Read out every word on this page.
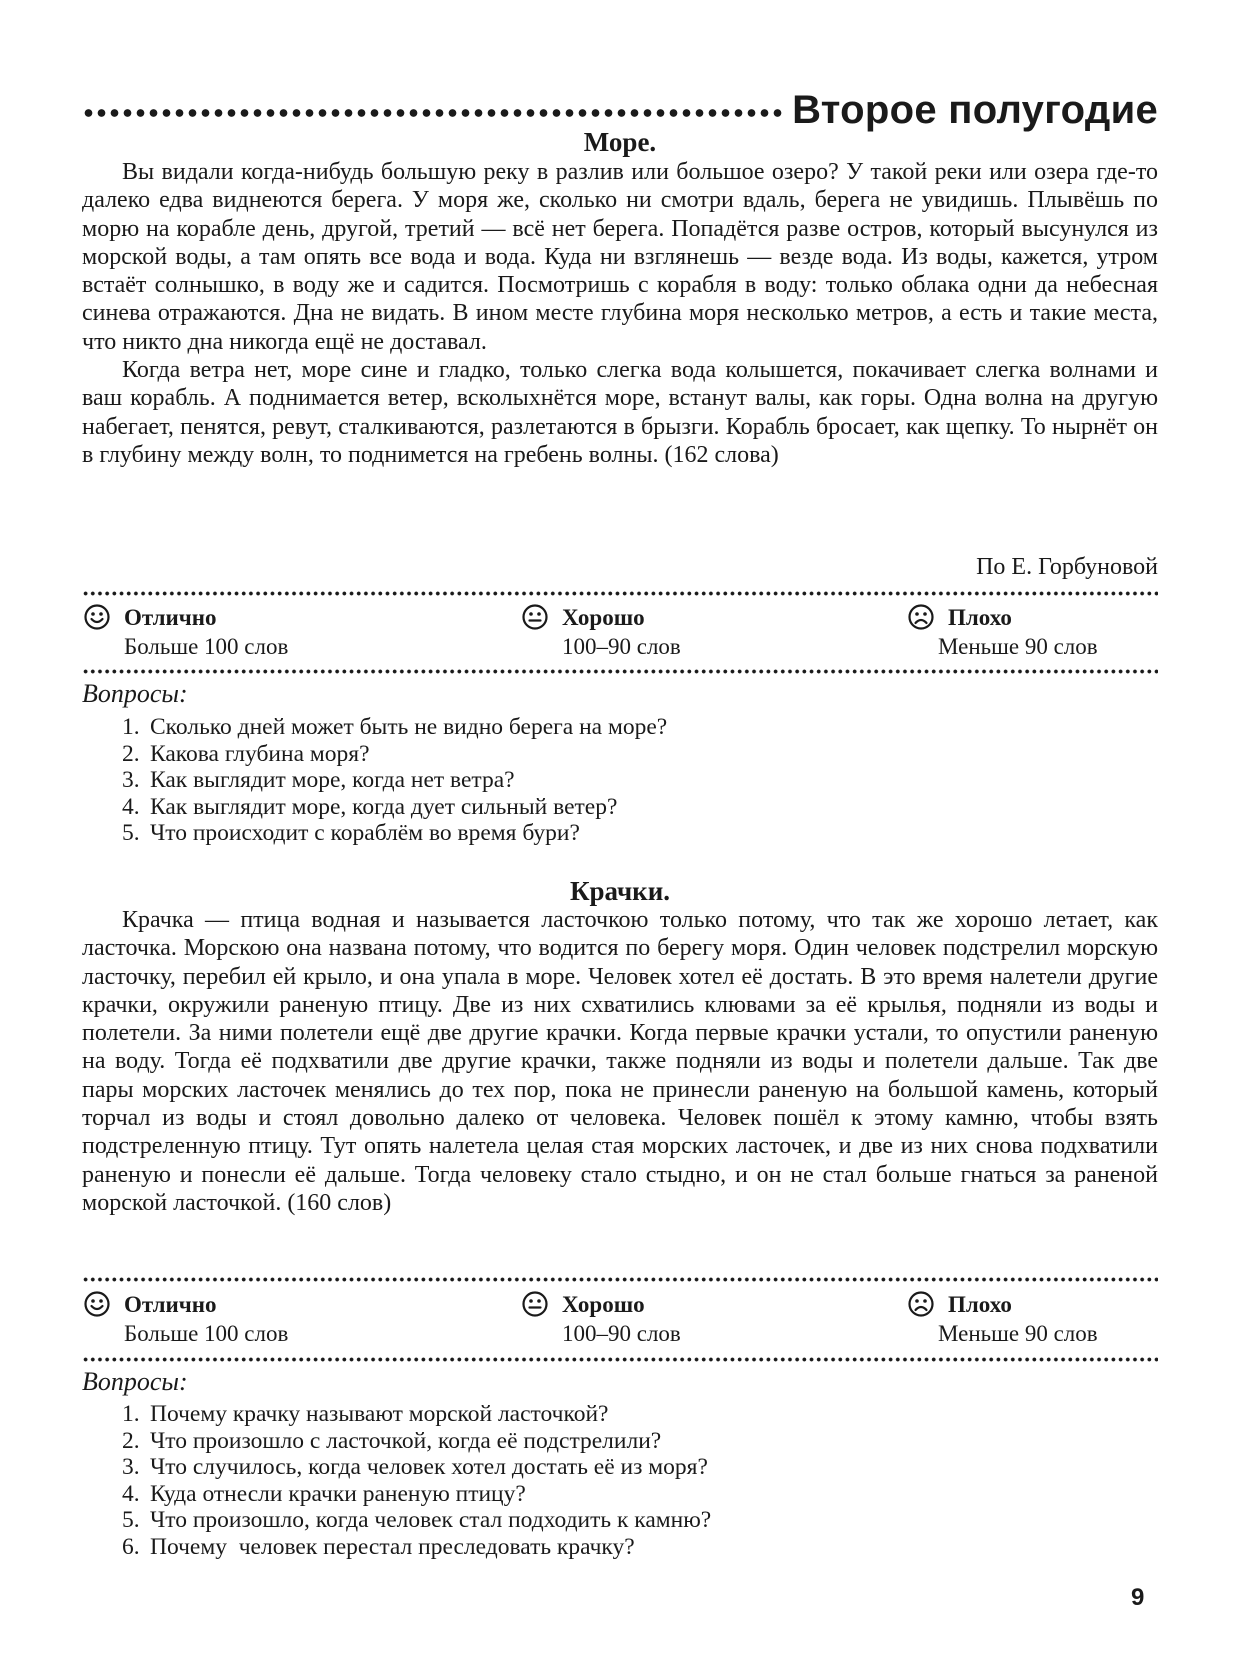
Второе полугодие
Море.

Вы видали когда-нибудь большую реку в разлив или большое озеро? У такой реки или озера где-то далеко едва виднеются берега. У моря же, сколько ни смотри вдаль, берега не увидишь. Плывёшь по морю на корабле день, другой, третий — всё нет берега. Попадётся разве остров, который высунулся из морской воды, а там опять все вода и вода. Куда ни взглянешь — везде вода. Из воды, кажется, утром встаёт солнышко, в воду же и садится. Посмотришь с корабля в воду: только облака одни да небесная синева отражаются. Дна не видать. В ином месте глубина моря несколько метров, а есть и такие места, что никто дна никогда ещё не доставал.

Когда ветра нет, море сине и гладко, только слегка вода колышется, покачивает слегка волнами и ваш корабль. А поднимается ветер, всколыхнётся море, встанут валы, как горы. Одна волна на другую набегает, пенятся, ревут, сталкиваются, разлетаются в брызги. Корабль бросает, как щепку. То нырнёт он в глубину между волн, то поднимется на гребень волны. (162 слова)

По Е. Горбуновой
Отлично
Больше 100 слов
Хорошо
100–90 слов
Плохо
Меньше 90 слов
Вопросы:
1. Сколько дней может быть не видно берега на море?
2. Какова глубина моря?
3. Как выглядит море, когда нет ветра?
4. Как выглядит море, когда дует сильный ветер?
5. Что происходит с кораблём во время бури?
Крачки.

Крачка — птица водная и называется ласточкою только потому, что так же хорошо летает, как ласточка. Морскою она названа потому, что водится по берегу моря. Один человек подстрелил морскую ласточку, перебил ей крыло, и она упала в море. Человек хотел её достать. В это время налетели другие крачки, окружили раненую птицу. Две из них схватились клювами за её крылья, подняли из воды и полетели. За ними полетели ещё две другие крачки. Когда первые крачки устали, то опустили раненую на воду. Тогда её подхватили две другие крачки, также подняли из воды и полетели дальше. Так две пары морских ласточек менялись до тех пор, пока не принесли раненую на большой камень, который торчал из воды и стоял довольно далеко от человека. Человек пошёл к этому камню, чтобы взять подстреленную птицу. Тут опять налетела целая стая морских ласточек, и две из них снова подхватили раненую и понесли её дальше. Тогда человеку стало стыдно, и он не стал больше гнаться за раненой морской ласточкой. (160 слов)

Отлично
Больше 100 слов
Хорошо
100–90 слов
Плохо
Меньше 90 слов
Вопросы:
1. Почему крачку называют морской ласточкой?
2. Что произошло с ласточкой, когда её подстрелили?
3. Что случилось, когда человек хотел достать её из моря?
4. Куда отнесли крачки раненую птицу?
5. Что произошло, когда человек стал подходить к камню?
6. Почему  человек перестал преследовать крачку?
9
